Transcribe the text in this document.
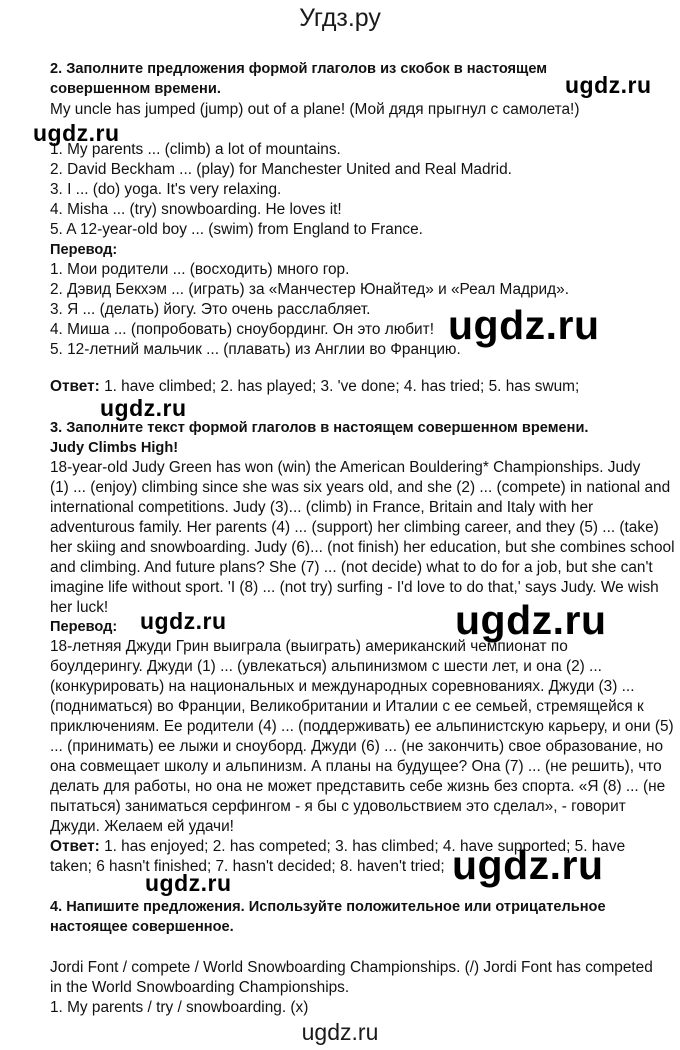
Угдз.ру
2. Заполните предложения формой глаголов из скобок в настоящем
совершенном времени.
My uncle has jumped (jump) out of a plane! (Мой дядя прыгнул с самолета!)
1. My parents ... (climb) a lot of mountains.
2. David Beckham ... (play) for Manchester United and Real Madrid.
3. I ... (do) yoga. It's very relaxing.
4. Misha ... (try) snowboarding. He loves it!
5. A 12-year-old boy ... (swim) from England to France.
Перевод:
1. Мои родители ... (восходить) много гор.
2. Дэвид Бекхэм ... (играть) за «Манчестер Юнайтед» и «Реал Мадрид».
3. Я ... (делать) йогу. Это очень расслабляет.
4. Миша ... (попробовать) сноубординг. Он это любит!
5. 12-летний мальчик ... (плавать) из Англии во Францию.
Ответ: 1. have climbed; 2. has played; 3. 've done; 4. has tried; 5. has swum;
3. Заполните текст формой глаголов в настоящем совершенном времени.
Judy Climbs High!
18-year-old Judy Green has won (win) the American Bouldering* Championships. Judy
(1) ... (enjoy) climbing since she was six years old, and she (2) ... (compete) in national and
international competitions. Judy (3)... (climb) in France, Britain and Italy with her
adventurous family. Her parents (4) ... (support) her climbing career, and they (5) ... (take)
her skiing and snowboarding. Judy (6)... (not finish) her education, but she combines school
and climbing. And future plans? She (7) ... (not decide) what to do for a job, but she can't
imagine life without sport. 'I (8) ... (not try) surfing - I'd love to do that,' says Judy. We wish
her luck!
Перевод:
18-летняя Джуди Грин выиграла (выиграть) американский чемпионат по
боулдерингу. Джуди (1) ... (увлекаться) альпинизмом с шести лет, и она (2) ...
(конкурировать) на национальных и международных соревнованиях. Джуди (3) ...
(подниматься) во Франции, Великобритании и Италии с ее семьей, стремящейся к
приключениям. Ее родители (4) ... (поддерживать) ее альпинистскую карьеру, и они (5)
... (принимать) ее лыжи и сноуборд. Джуди (6) ... (не закончить) свое образование, но
она совмещает школу и альпинизм. А планы на будущее? Она (7) ... (не решить), что
делать для работы, но она не может представить себе жизнь без спорта. «Я (8) ... (не
пытаться) заниматься серфингом - я бы с удовольствием это сделал», - говорит
Джуди. Желаем ей удачи!
Ответ: 1. has enjoyed; 2. has competed; 3. has climbed; 4. have supported; 5. have
taken; 6 hasn't finished; 7. hasn't decided; 8. haven't tried;
4. Напишите предложения. Используйте положительное или отрицательное
настоящее совершенное.
Jordi Font / compete / World Snowboarding Championships. (/) Jordi Font has competed
in the World Snowboarding Championships.
1. My parents / try / snowboarding. (x)
ugdz.ru
ugdz.ru
ugdz.ru
ugdz.ru
ugdz.ru	ugdz.ru
ugdz.ru	ugdz.ru
ugdz.ru
